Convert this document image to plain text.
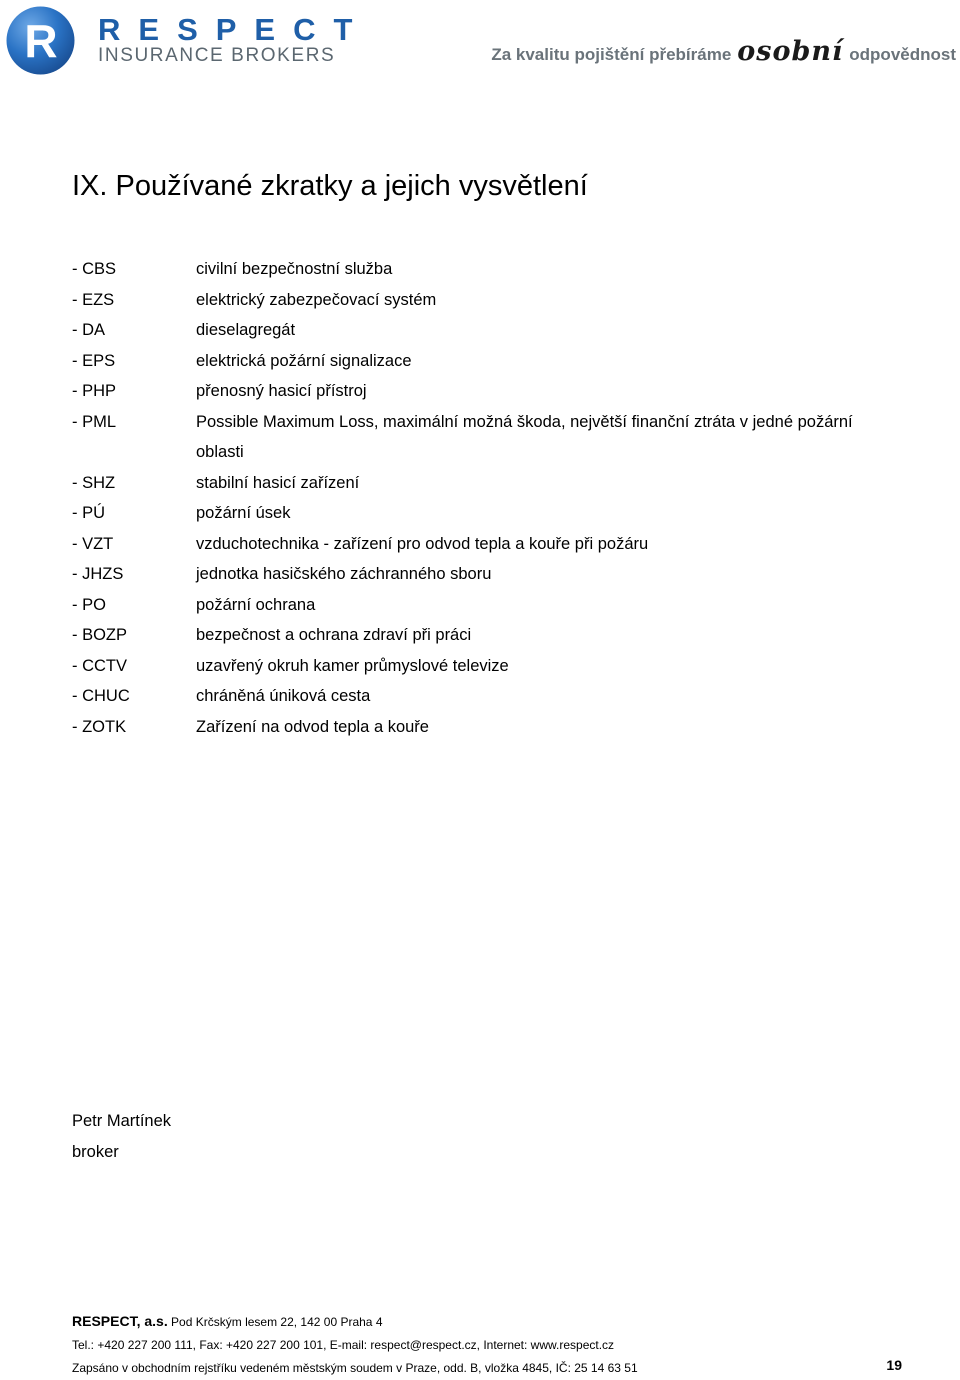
R RESPECT
INSURANCE BROKERS	Za kvalitu pojištění přebíráme osobní odpovědnost
IX. Používané zkratky a jejich vysvětlení
- CBS	civilní bezpečnostní služba
- EZS	elektrický zabezpečovací systém
- DA	dieselagregát
- EPS	elektrická požární signalizace
- PHP	přenosný hasicí přístroj
- PML	Possible Maximum Loss, maximální možná škoda, největší finanční ztráta v jedné požární oblasti
- SHZ	stabilní hasicí zařízení
- PÚ	požární úsek
- VZT	vzduchotechnika - zařízení pro odvod tepla a kouře při požáru
- JHZS	jednotka hasičského záchranného sboru
- PO	požární ochrana
- BOZP	bezpečnost a ochrana zdraví při práci
- CCTV	uzavřený okruh kamer průmyslové televize
- CHUC	chráněná úniková cesta
- ZOTK	Zařízení na odvod tepla a kouře
Petr Martínek
broker
RESPECT, a.s. Pod Krčským lesem 22, 142 00 Praha 4
Tel.: +420 227 200 111, Fax: +420 227 200 101, E-mail: respect@respect.cz, Internet: www.respect.cz
Zapsáno v obchodním rejstříku vedeném městským soudem v Praze, odd. B, vložka 4845, IČ: 25 14 63 51	19
